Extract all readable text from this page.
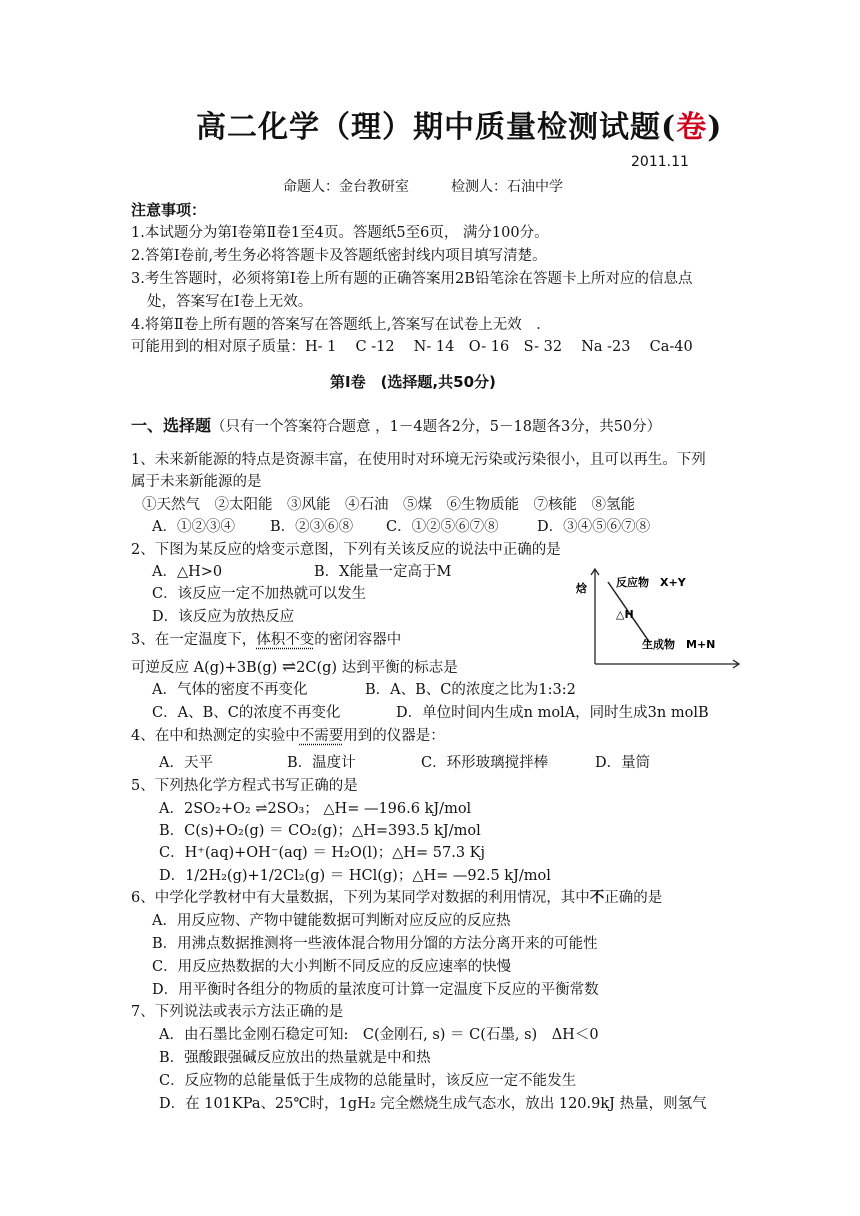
高二化学（理）期中质量检测试题(卷)
2011.11
命题人：金台教研室　　　检测人：石油中学
注意事项：
1.本试题分为第Ⅰ卷第Ⅱ卷1至4页。答题纸5至6页， 满分100分。
2.答第Ⅰ卷前,考生务必将答题卡及答题纸密封线内项目填写清楚。
3.考生答题时，必须将第Ⅰ卷上所有题的正确答案用2B铅笔涂在答题卡上所对应的信息点
处，答案写在Ⅰ卷上无效。
4.将第Ⅱ卷上所有题的答案写在答题纸上,答案写在试卷上无效　．
可能用到的相对原子质量：H- 1　 C -12　 N- 14　O- 16　S- 32　 Na -23　 Ca-40
第Ⅰ卷　(选择题,共50分)
一、选择题（只有一个答案符合题意 ，1－4题各2分，5－18题各3分，共50分）
1、未来新能源的特点是资源丰富，在使用时对环境无污染或污染很小，且可以再生。下列
属于未来新能源的是
①天然气　②太阳能　③风能　④石油　⑤煤　⑥生物质能　⑦核能　⑧氢能
A．①②③④ B．②③⑥⑧ C．①②⑤⑥⑦⑧	D．③④⑤⑥⑦⑧
2、下图为某反应的焓变示意图，下列有关该反应的说法中正确的是
A．△H>0	B．X能量一定高于M
C．该反应一定不加热就可以发生
D．该反应为放热反应
焓	反应物　X+Y
△H
生成物　M+N
3、在一定温度下，体积不变的密闭容器中
可逆反应 A(g)+3B(g) ⇌2C(g) 达到平衡的标志是
A．气体的密度不再变化	B．A、B、C的浓度之比为1:3:2
C．A、B、C的浓度不再变化	D．单位时间内生成n molA，同时生成3n molB
4、在中和热测定的实验中不需要用到的仪器是：
A．天平	B．温度计	C．环形玻璃搅拌棒	D．量筒
5、下列热化学方程式书写正确的是
A．2SO₂+O₂ ⇌2SO₃； △H= —196.6 kJ/mol
B．C(s)+O₂(g) ＝ CO₂(g)；△H=393.5 kJ/mol
C．H⁺(aq)+OH⁻(aq) ＝ H₂O(l)；△H= 57.3 Kj
D．1/2H₂(g)+1/2Cl₂(g) ＝ HCl(g)；△H= —92.5 kJ/mol
6、中学化学教材中有大量数据，下列为某同学对数据的利用情况，其中不正确的是
A．用反应物、产物中键能数据可判断对应反应的反应热
B．用沸点数据推测将一些液体混合物用分馏的方法分离开来的可能性
C．用反应热数据的大小判断不同反应的反应速率的快慢
D．用平衡时各组分的物质的量浓度可计算一定温度下反应的平衡常数
7、下列说法或表示方法正确的是
A．由石墨比金刚石稳定可知:　C(金刚石, s) ＝ C(石墨, s)　ΔH＜0
B．强酸跟强碱反应放出的热量就是中和热
C．反应物的总能量低于生成物的总能量时，该反应一定不能发生
D．在 101KPa、25℃时，1gH₂ 完全燃烧生成气态水，放出 120.9kJ 热量，则氢气
